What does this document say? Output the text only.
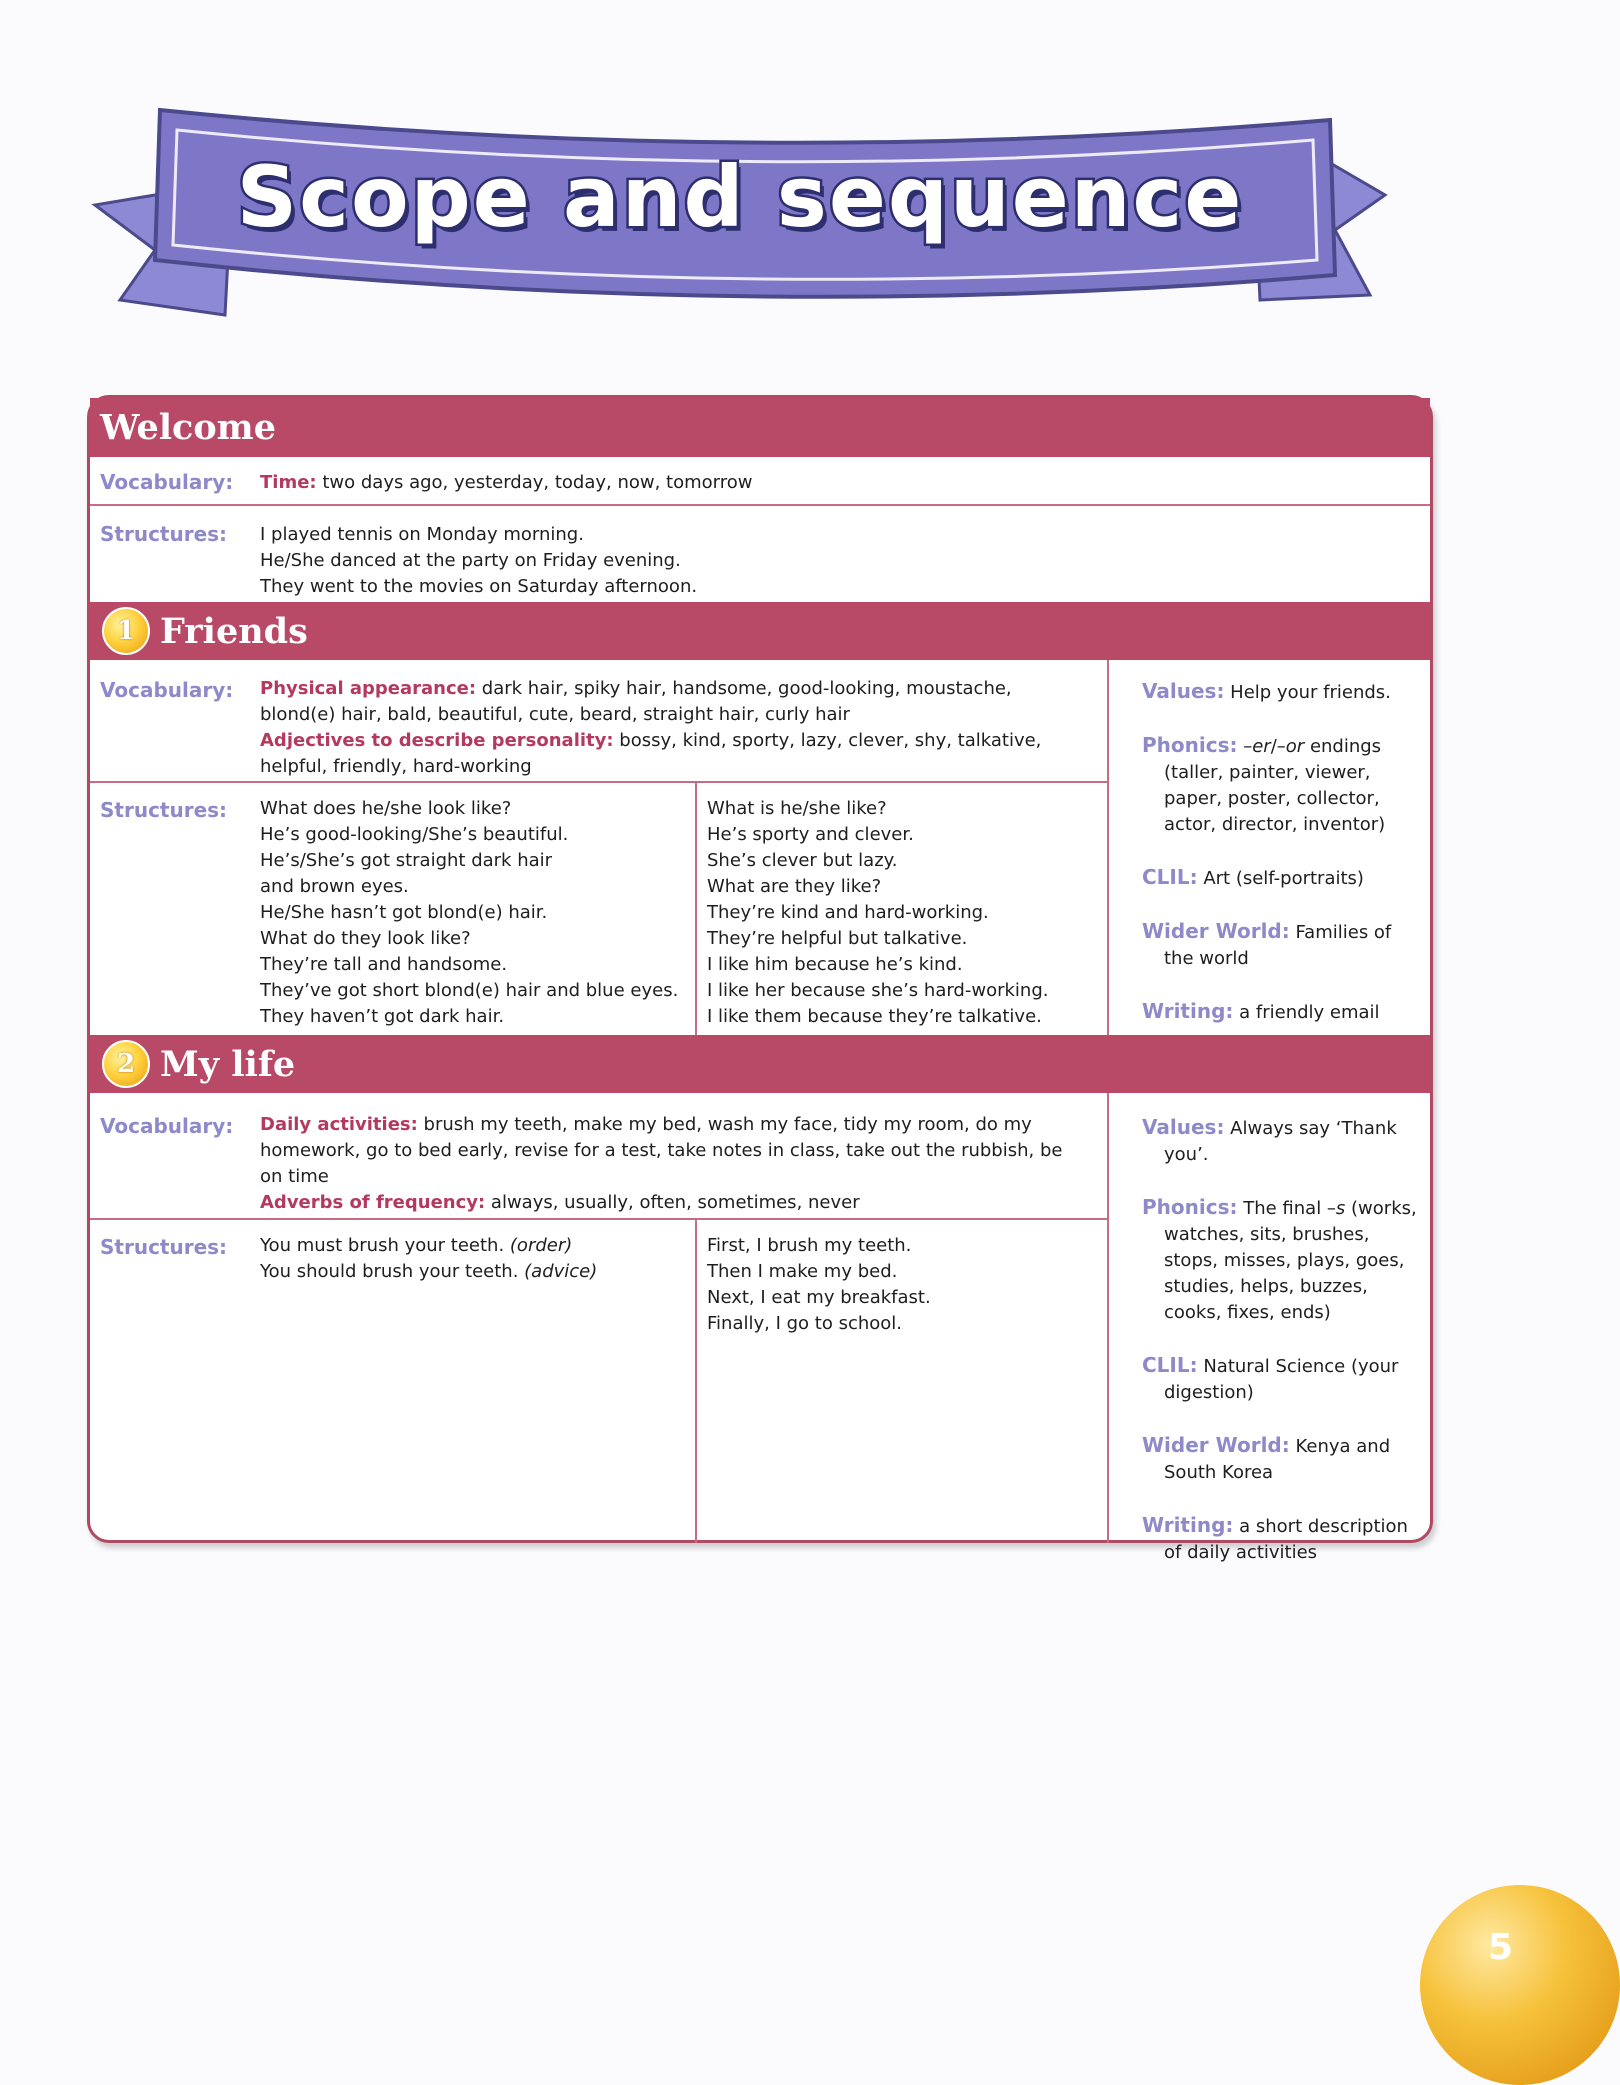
Scope and sequence
Welcome
Vocabulary: Time: two days ago, yesterday, today, now, tomorrow
Structures: I played tennis on Monday morning.
He/She danced at the party on Friday evening.
They went to the movies on Saturday afternoon.
1 Friends
Vocabulary: Physical appearance: dark hair, spiky hair, handsome, good-looking, moustache, blond(e) hair, bald, beautiful, cute, beard, straight hair, curly hair
Adjectives to describe personality: bossy, kind, sporty, lazy, clever, shy, talkative, helpful, friendly, hard-working
Structures: What does he/she look like?
He’s good-looking/She’s beautiful.
He’s/She’s got straight dark hair
and brown eyes.
He/She hasn’t got blond(e) hair.
What do they look like?
They’re tall and handsome.
They’ve got short blond(e) hair and blue eyes.
They haven’t got dark hair.
What is he/she like?
He’s sporty and clever.
She’s clever but lazy.
What are they like?
They’re kind and hard-working.
They’re helpful but talkative.
I like him because he’s kind.
I like her because she’s hard-working.
I like them because they’re talkative.
Values: Help your friends.
Phonics: –er/–or endings (taller, painter, viewer, paper, poster, collector, actor, director, inventor)
CLIL: Art (self-portraits)
Wider World: Families of the world
Writing: a friendly email
2 My life
Vocabulary: Daily activities: brush my teeth, make my bed, wash my face, tidy my room, do my homework, go to bed early, revise for a test, take notes in class, take out the rubbish, be on time
Adverbs of frequency: always, usually, often, sometimes, never
Structures: You must brush your teeth. (order)
You should brush your teeth. (advice)
First, I brush my teeth.
Then I make my bed.
Next, I eat my breakfast.
Finally, I go to school.
Values: Always say ‘Thank you’.
Phonics: The final –s (works, watches, sits, brushes, stops, misses, plays, goes, studies, helps, buzzes, cooks, fixes, ends)
CLIL: Natural Science (your digestion)
Wider World: Kenya and South Korea
Writing: a short description of daily activities
5
